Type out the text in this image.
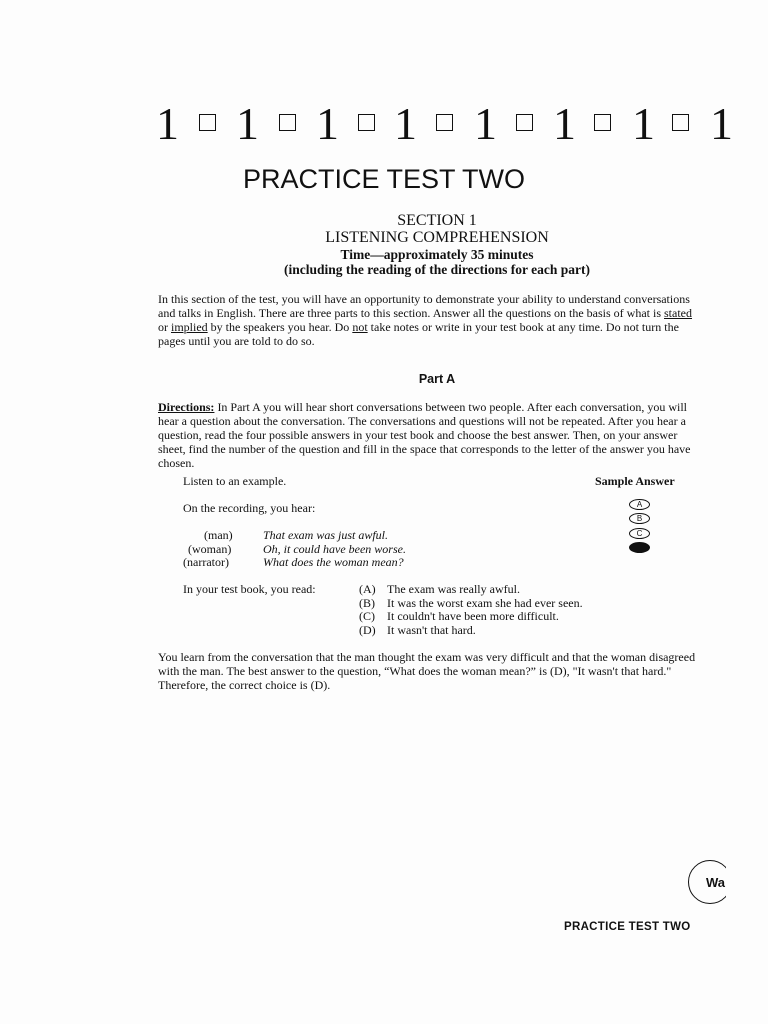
1 1 1 1 1 1 1 1
PRACTICE TEST TWO
SECTION 1
LISTENING COMPREHENSION
Time—approximately 35 minutes
(including the reading of the directions for each part)
In this section of the test, you will have an opportunity to demonstrate your ability to understand conversations and talks in English. There are three parts to this section. Answer all the questions on the basis of what is stated or implied by the speakers you hear. Do not take notes or write in your test book at any time. Do not turn the pages until you are told to do so.
Part A
Directions: In Part A you will hear short conversations between two people. After each conversation, you will hear a question about the conversation. The conversations and questions will not be repeated. After you hear a question, read the four possible answers in your test book and choose the best answer. Then, on your answer sheet, find the number of the question and fill in the space that corresponds to the letter of the answer you have chosen.
Listen to an example.	Sample Answer
On the recording, you hear:	A
B
C
(man)	That exam was just awful.
(woman)	Oh, it could have been worse.
(narrator)	What does the woman mean?
In your test book, you read:	(A) The exam was really awful.
(B) It was the worst exam she had ever seen.
(C) It couldn't have been more difficult.
(D) It wasn't that hard.
You learn from the conversation that the man thought the exam was very difficult and that the woman disagreed with the man. The best answer to the question, “What does the woman mean?” is (D), "It wasn't that hard." Therefore, the correct choice is (D).
Wa
PRACTICE TEST TWO
